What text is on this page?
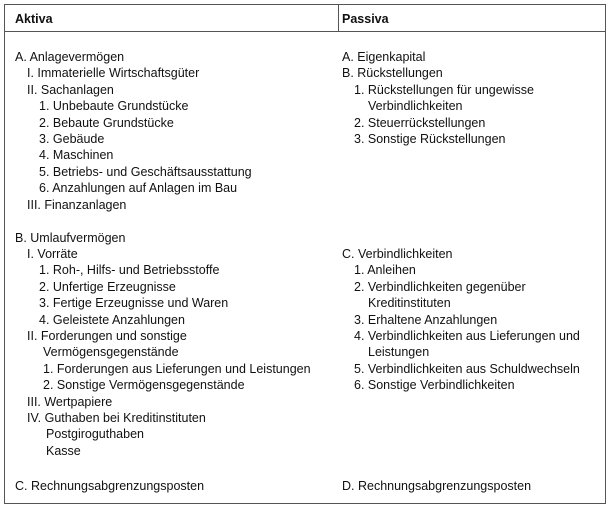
Aktiva	Passiva
A. Anlagevermögen
I. Immaterielle Wirtschaftsgüter
II. Sachanlagen
1. Unbebaute Grundstücke
2. Bebaute Grundstücke
3. Gebäude
4. Maschinen
5. Betriebs- und Geschäftsausstattung
6. Anzahlungen auf Anlagen im Bau
III. Finanzanlagen
B. Umlaufvermögen
I. Vorräte
1. Roh-, Hilfs- und Betriebsstoffe
2. Unfertige Erzeugnisse
3. Fertige Erzeugnisse und Waren
4. Geleistete Anzahlungen
II. Forderungen und sonstige
Vermögensgegenstände
1. Forderungen aus Lieferungen und Leistungen
2. Sonstige Vermögensgegenstände
III. Wertpapiere
IV. Guthaben bei Kreditinstituten
Postgiroguthaben
Kasse
C. Rechnungsabgrenzungsposten
A. Eigenkapital
B. Rückstellungen
1. Rückstellungen für ungewisse
Verbindlichkeiten
2. Steuerrückstellungen
3. Sonstige Rückstellungen
C. Verbindlichkeiten
1. Anleihen
2. Verbindlichkeiten gegenüber
Kreditinstituten
3. Erhaltene Anzahlungen
4. Verbindlichkeiten aus Lieferungen und
Leistungen
5. Verbindlichkeiten aus Schuldwechseln
6. Sonstige Verbindlichkeiten
D. Rechnungsabgrenzungsposten
